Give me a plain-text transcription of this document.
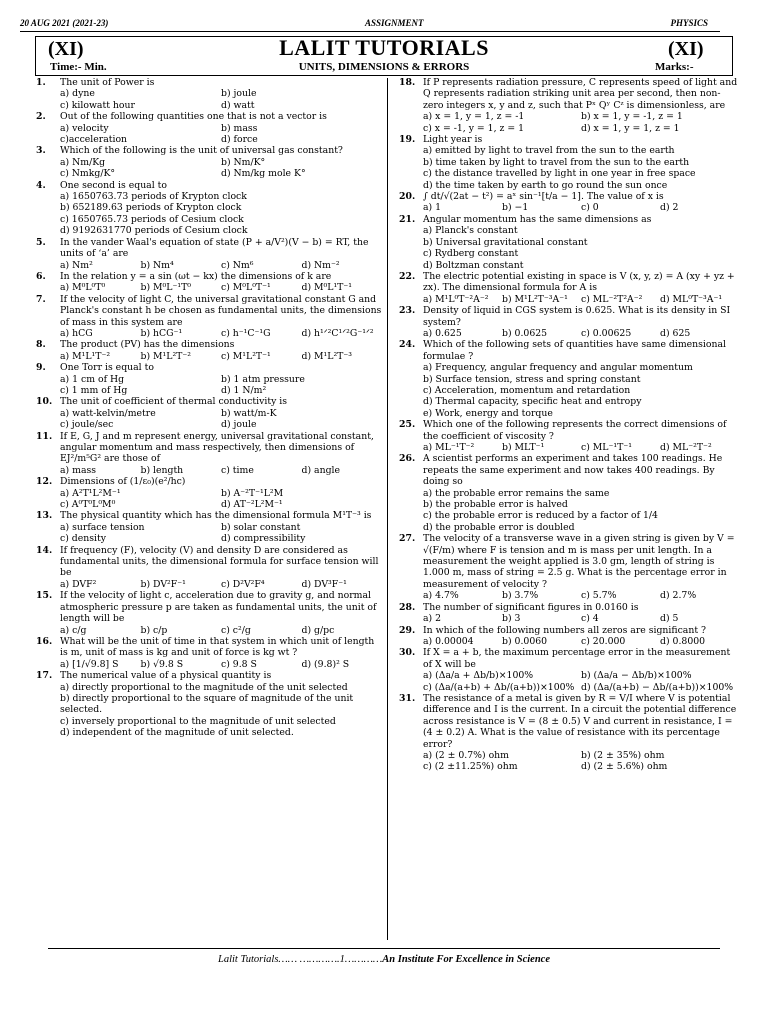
20 AUG 2021 (2021-23)	ASSIGNMENT	PHYSICS
(XI)	LALIT TUTORIALS	(XI)
Time:- Min.	UNITS, DIMENSIONS & ERRORS	Marks:-
1. The unit of Power is
a) dyne	b) joule
c) kilowatt hour	d) watt
2. Out of the following quantities one that is not a vector is
a) velocity	b) mass
c)acceleration	d) force
3. Which of the following is the unit of universal gas constant?
a) Nm/Kg	b) Nm/K°
c) Nmkg/K°	d) Nm/kg mole K°
4. One second is equal to
a) 1650763.73 periods of Krypton clock
b) 652189.63 periods of Krypton clock
c) 1650765.73 periods of Cesium clock
d) 9192631770 periods of Cesium clock
5. In the vander Waal's equation of state (P + a/V²)(V − b) = RT, the units of ‘a’ are
a) Nm²	b) Nm⁴	c) Nm⁶	d) Nm⁻²
6. In the relation y = a sin (ωt − kx) the dimensions of k are
a) M⁰L⁰T⁰	b) M⁰L⁻¹T⁰	c) M⁰L⁰T⁻¹	d) M⁰L¹T⁻¹
7. If the velocity of light C, the universal gravitational constant G and Planck's constant h be chosen as fundamental units, the dimensions of mass in this system are
a) hCG	b) hCG⁻¹	c) h⁻¹C⁻¹G	d) h¹ᐟ²C¹ᐟ²G⁻¹ᐟ²
8. The product (PV) has the dimensions
a) M¹L¹T⁻²	b) M¹L²T⁻²	c) M¹L²T⁻¹	d) M¹L²T⁻³
9. One Torr is equal to
a) 1 cm of Hg	b) 1 atm pressure
c) 1 mm of Hg	d) 1 N/m²
10. The unit of coefficient of thermal conductivity is
a) watt-kelvin/metre	b) watt/m-K
c) joule/sec	d) joule
11. If E, G, J and m represent energy, universal gravitational constant, angular momentum and mass respectively, then dimensions of EJ²/m⁵G² are those of
a) mass	b) length	c) time	d) angle
12. Dimensions of (1/ε₀)(e²/hc)
a) A²T¹L²M⁻¹	b) A⁻²T⁻¹L²M
c) A⁰T⁰L⁰M⁰	d) AT⁻²L²M⁻¹
13. The physical quantity which has the dimensional formula M¹T⁻³ is
a) surface tension	b) solar constant
c) density	d) compressibility
14. If frequency (F), velocity (V) and density D are considered as fundamental units, the dimensional formula for surface tension will be
a) DVF²	b) DV²F⁻¹	c) D²V²F⁴	d) DV³F⁻¹
15. If the velocity of light c, acceleration due to gravity g, and normal atmospheric pressure p are taken as fundamental units, the unit of length will be
a) c/g	b) c/p	c) c²/g	d) g/pc
16. What will be the unit of time in that system in which unit of length is m, unit of mass is kg and unit of force is kg wt ?
a) [1/√9.8] S	b) √9.8 S	c) 9.8 S	d) (9.8)² S
17. The numerical value of a physical quantity is
a) directly proportional to the magnitude of the unit selected
b) directly proportional to the square of magnitude of the unit selected.
c) inversely proportional to the magnitude of unit selected
d) independent of the magnitude of unit selected.
18. If P represents radiation pressure, C represents speed of light and Q represents radiation striking unit area per second, then non-zero integers x, y and z, such that Pˣ Qʸ Cᶻ is dimensionless, are
a) x = 1, y = 1, z = -1	b) x = 1, y = -1, z = 1
c) x = -1, y = 1, z = 1	d) x = 1, y = 1, z = 1
19. Light year is
a) emitted by light to travel from the sun to the earth
b) time taken by light to travel from the sun to the earth
c) the distance travelled by light in one year in free space
d) the time taken by earth to go round the sun once
20. ∫ dt/√(2at − t²) = aˣ sin⁻¹[t/a − 1]. The value of x is
a) 1	b) −1	c) 0	d) 2
21. Angular momentum has the same dimensions as
a) Planck's constant
b) Universal gravitational constant
c) Rydberg constant
d) Boltzman constant
22. The electric potential existing in space is V (x, y, z) = A (xy + yz + zx). The dimensional formula for A is
a) M¹L⁰T⁻²A⁻²	b) M¹L²T⁻³A⁻¹	c) ML⁻²T²A⁻²	d) ML⁰T⁻³A⁻¹
23. Density of liquid in CGS system is 0.625. What is its density in SI system?
a) 0.625	b) 0.0625	c) 0.00625	d) 625
24. Which of the following sets of quantities have same dimensional formulae ?
a) Frequency, angular frequency and angular momentum
b) Surface tension, stress and spring constant
c) Acceleration, momentum and retardation
d) Thermal capacity, specific heat and entropy
e) Work, energy and torque
25. Which one of the following represents the correct dimensions of the coefficient of viscosity ?
a) ML⁻¹T⁻²	b) MLT⁻¹	c) ML⁻¹T⁻¹	d) ML⁻²T⁻²
26. A scientist performs an experiment and takes 100 readings. He repeats the same experiment and now takes 400 readings. By doing so
a) the probable error remains the same
b) the probable error is halved
c) the probable error is reduced by a factor of 1/4
d) the probable error is doubled
27. The velocity of a transverse wave in a given string is given by V = √(F/m) where F is tension and m is mass per unit length. In a measurement the weight applied is 3.0 gm, length of string is 1.000 m, mass of string = 2.5 g. What is the percentage error in measurement of velocity ?
a) 4.7%	b) 3.7%	c) 5.7%	d) 2.7%
28. The number of significant figures in 0.0160 is
a) 2	b) 3	c) 4	d) 5
29. In which of the following numbers all zeros are significant ?
a) 0.00004	b) 0.0060	c) 20.000	d) 0.8000
30. If X = a + b, the maximum percentage error in the measurement of X will be
a) (Δa/a + Δb/b)×100%	b) (Δa/a − Δb/b)×100%
c) (Δa/(a+b) + Δb/(a+b))×100% d) (Δa/(a+b) − Δb/(a+b))×100%
31. The resistance of a metal is given by R = V/I where V is potential difference and I is the current. In a circuit the potential difference across resistance is V = (8 ± 0.5) V and current in resistance, I = (4 ± 0.2) A. What is the value of resistance with its percentage error?
a) (2 ± 0.7%) ohm	b) (2 ± 35%) ohm
c) (2 ±11.25%) ohm	d) (2 ± 5.6%) ohm
Lalit Tutorials…… ………….1…………An Institute For Excellence in Science
